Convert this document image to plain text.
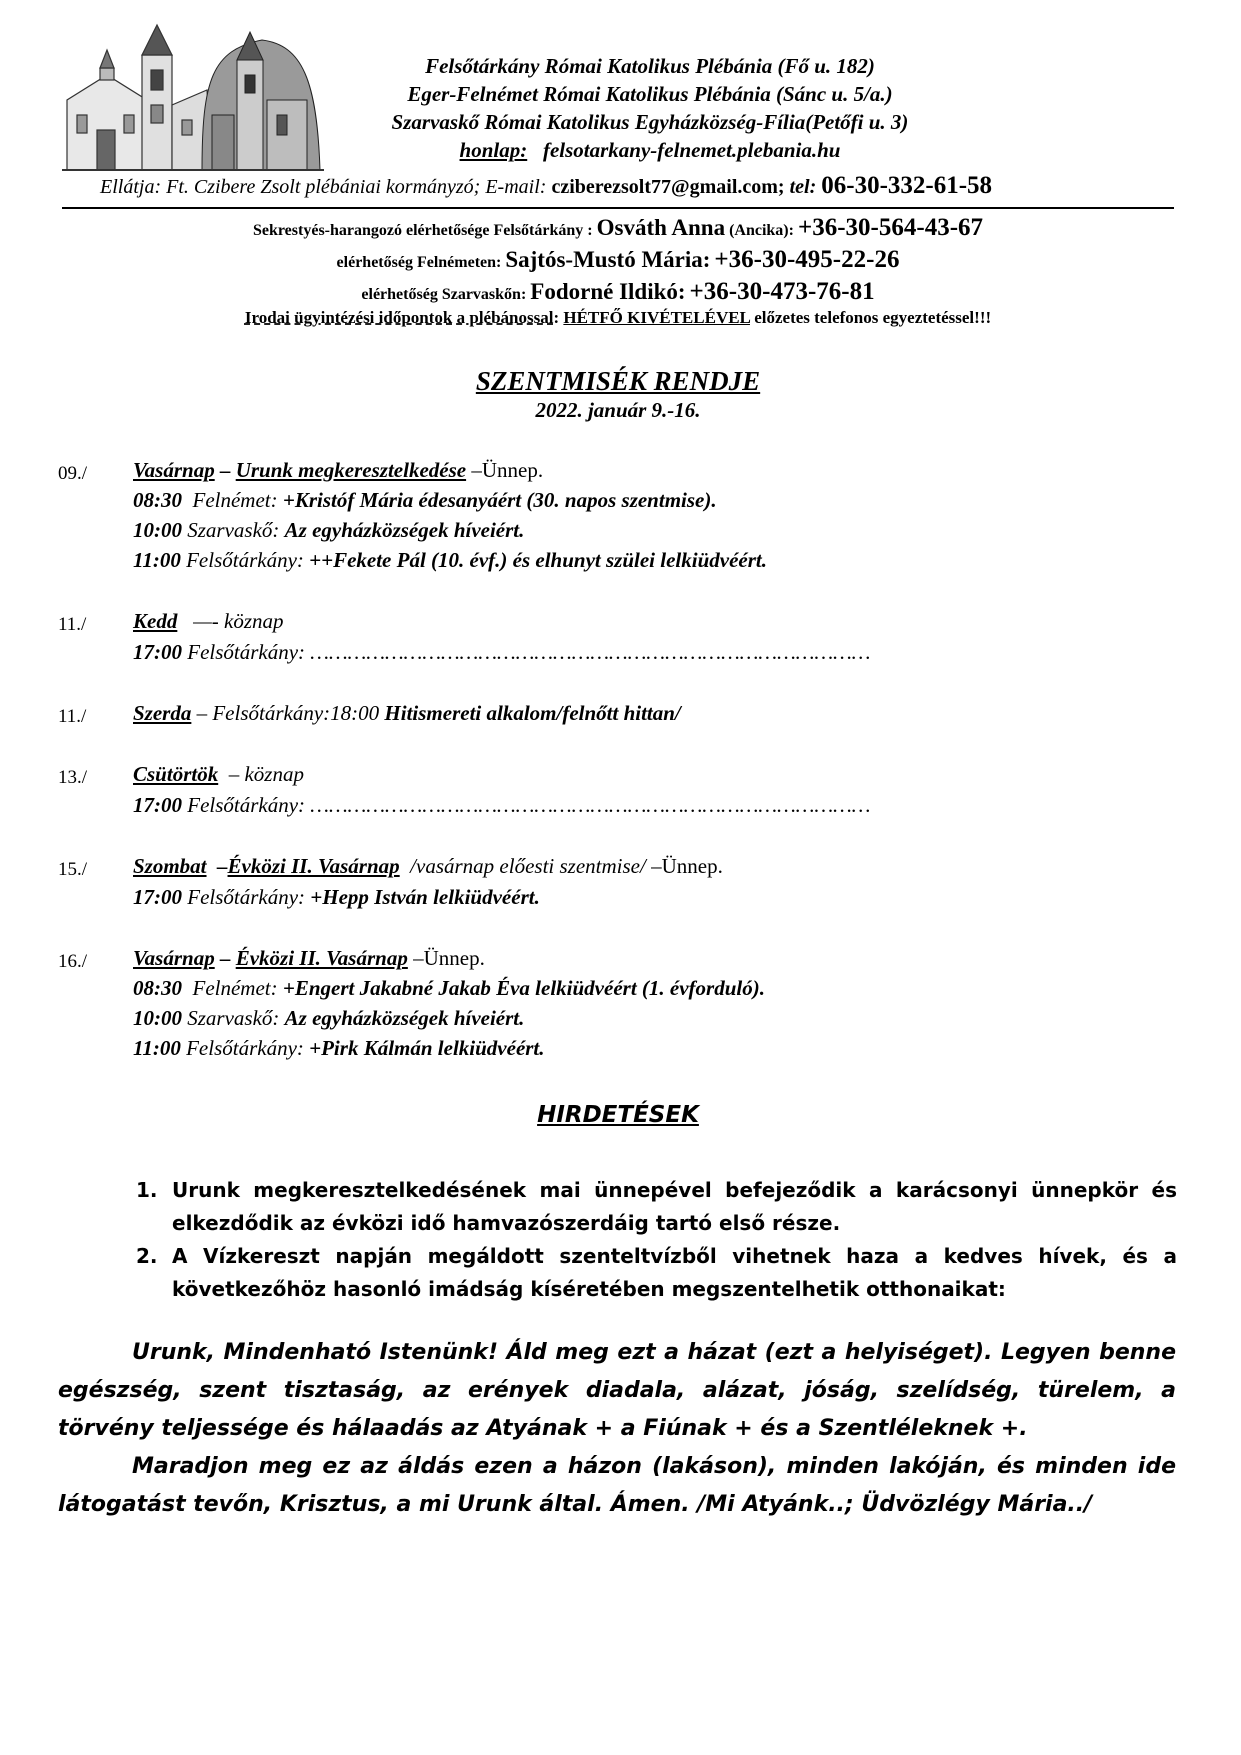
Felsőtárkány Római Katolikus Plébánia (Fő u. 182)
Eger-Felnémet Római Katolikus Plébánia (Sánc u. 5/a.)
Szarvaskő Római Katolikus Egyházközség-Fília(Petőfi u. 3)
honlap: felsotarkany-felnemet.plebania.hu
Ellátja: Ft. Czibere Zsolt plébániai kormányzó; E-mail: cziberezsolt77@gmail.com; tel: 06-30-332-61-58
Sekrestyés-harangozó elérhetősége Felsőtárkány : Osváth Anna (Ancika): +36-30-564-43-67
elérhetőség Felnémeten: Sajtós-Mustó Mária: +36-30-495-22-26
elérhetőség Szarvaskőn: Fodorné Ildikó: +36-30-473-76-81
Irodai ügyintézési időpontok a plébánossal: HÉTFŐ KIVÉTELÉVEL előzetes telefonos egyeztetéssel!!!
SZENTMISÉK RENDJE
2022. január 9.-16.
09./ Vasárnap – Urunk megkeresztelkedése –Ünnep.
08:30 Felnémet: +Kristóf Mária édesanyáért (30. napos szentmise).
10:00 Szarvaskő: Az egyházközségek híveiért.
11:00 Felsőtárkány: ++Fekete Pál (10. évf.) és elhunyt szülei lelkiüdvéért.
11./ Kedd —- köznap
17:00 Felsőtárkány: ………………………………………………………………………………
11./ Szerda – Felsőtárkány:18:00 Hitismereti alkalom/felnőtt hittan/
13./ Csütörtök – köznap
17:00 Felsőtárkány: ………………………………………………………………………………
15./ Szombat  –Évközi II. Vasárnap /vasárnap előesti szentmise/ –Ünnep.
17:00 Felsőtárkány: +Hepp István lelkiüdvéért.
16./ Vasárnap – Évközi II. Vasárnap –Ünnep.
08:30 Felnémet: +Engert Jakabné Jakab Éva lelkiüdvéért (1. évforduló).
10:00 Szarvaskő: Az egyházközségek híveiért.
11:00 Felsőtárkány: +Pirk Kálmán lelkiüdvéért.
HIRDETÉSEK
1. Urunk megkeresztelkedésének mai ünnepével befejeződik a karácsonyi ünnepkör és elkezdődik az évközi idő hamvazószerdáig tartó első része.
2. A Vízkereszt napján megáldott szenteltvízből vihetnek haza a kedves hívek, és a következőhöz hasonló imádság kíséretében megszentelhetik otthonaikat:
Urunk, Mindenható Istenünk! Áld meg ezt a házat (ezt a helyiséget). Legyen benne egészség, szent tisztaság, az erények diadala, alázat, jóság, szelídség, türelem, a törvény teljessége és hálaadás az Atyának + a Fiúnak + és a Szentléleknek +.
Maradjon meg ez az áldás ezen a házon (lakáson), minden lakóján, és minden ide látogatást tevőn, Krisztus, a mi Urunk által. Ámen. /Mi Atyánk..; Üdvözlégy Mária../
